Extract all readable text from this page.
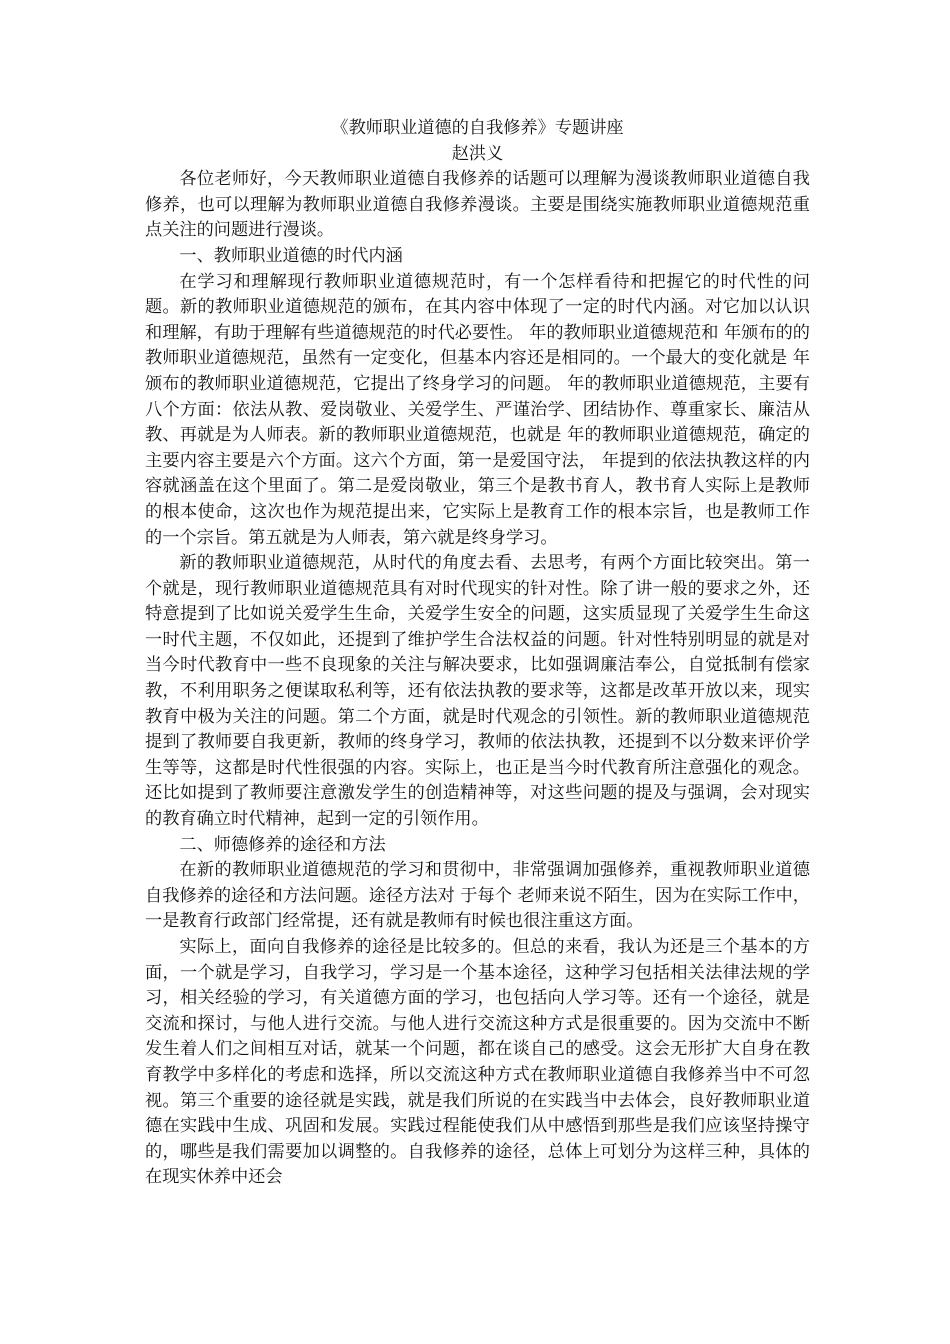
《教师职业道德的自我修养》专题讲座

赵洪义

各位老师好，今天教师职业道德自我修养的话题可以理解为漫谈教师职业道德自我修养，也可以理解为教师职业道德自我修养漫谈。主要是围绕实施教师职业道德规范重点关注的问题进行漫谈。

一、教师职业道德的时代内涵

在学习和理解现行教师职业道德规范时，有一个怎样看待和把握它的时代性的问题。新的教师职业道德规范的颁布，在其内容中体现了一定的时代内涵。对它加以认识和理解，有助于理解有些道德规范的时代必要性。 年的教师职业道德规范和 年颁布的的教师职业道德规范，虽然有一定变化，但基本内容还是相同的。一个最大的变化就是 年颁布的教师职业道德规范，它提出了终身学习的问题。 年的教师职业道德规范，主要有八个方面：依法从教、爱岗敬业、关爱学生、严谨治学、团结协作、尊重家长、廉洁从教、再就是为人师表。新的教师职业道德规范，也就是 年的教师职业道德规范，确定的主要内容主要是六个方面。这六个方面，第一是爱国守法， 年提到的依法执教这样的内容就涵盖在这个里面了。第二是爱岗敬业，第三个是教书育人，教书育人实际上是教师的根本使命，这次也作为规范提出来，它实际上是教育工作的根本宗旨，也是教师工作的一个宗旨。第五就是为人师表，第六就是终身学习。

新的教师职业道德规范，从时代的角度去看、去思考，有两个方面比较突出。第一个就是，现行教师职业道德规范具有对时代现实的针对性。除了讲一般的要求之外，还特意提到了比如说关爱学生生命，关爱学生安全的问题，这实质显现了关爱学生生命这一时代主题，不仅如此，还提到了维护学生合法权益的问题。针对性特别明显的就是对当今时代教育中一些不良现象的关注与解决要求，比如强调廉洁奉公，自觉抵制有偿家教，不利用职务之便谋取私利等，还有依法执教的要求等，这都是改革开放以来，现实教育中极为关注的问题。第二个方面，就是时代观念的引领性。新的教师职业道德规范提到了教师要自我更新，教师的终身学习，教师的依法执教，还提到不以分数来评价学生等等，这都是时代性很强的内容。实际上，也正是当今时代教育所注意强化的观念。还比如提到了教师要注意激发学生的创造精神等，对这些问题的提及与强调，会对现实的教育确立时代精神，起到一定的引领作用。

二、师德修养的途径和方法

在新的教师职业道德规范的学习和贯彻中，非常强调加强修养，重视教师职业道德自我修养的途径和方法问题。途径方法对 于每个 老师来说不陌生，因为在实际工作中，一是教育行政部门经常提，还有就是教师有时候也很注重这方面。

实际上，面向自我修养的途径是比较多的。但总的来看，我认为还是三个基本的方面，一个就是学习，自我学习，学习是一个基本途径，这种学习包括相关法律法规的学习，相关经验的学习，有关道德方面的学习，也包括向人学习等。还有一个途径，就是交流和探讨，与他人进行交流。与他人进行交流这种方式是很重要的。因为交流中不断发生着人们之间相互对话，就某一个问题，都在谈自己的感受。这会无形扩大自身在教育教学中多样化的考虑和选择，所以交流这种方式在教师职业道德自我修养当中不可忽视。第三个重要的途径就是实践，就是我们所说的在实践当中去体会，良好教师职业道德在实践中生成、巩固和发展。实践过程能使我们从中感悟到那些是我们应该坚持操守的，哪些是我们需要加以调整的。自我修养的途径，总体上可划分为这样三种，具体的在现实休养中还会
